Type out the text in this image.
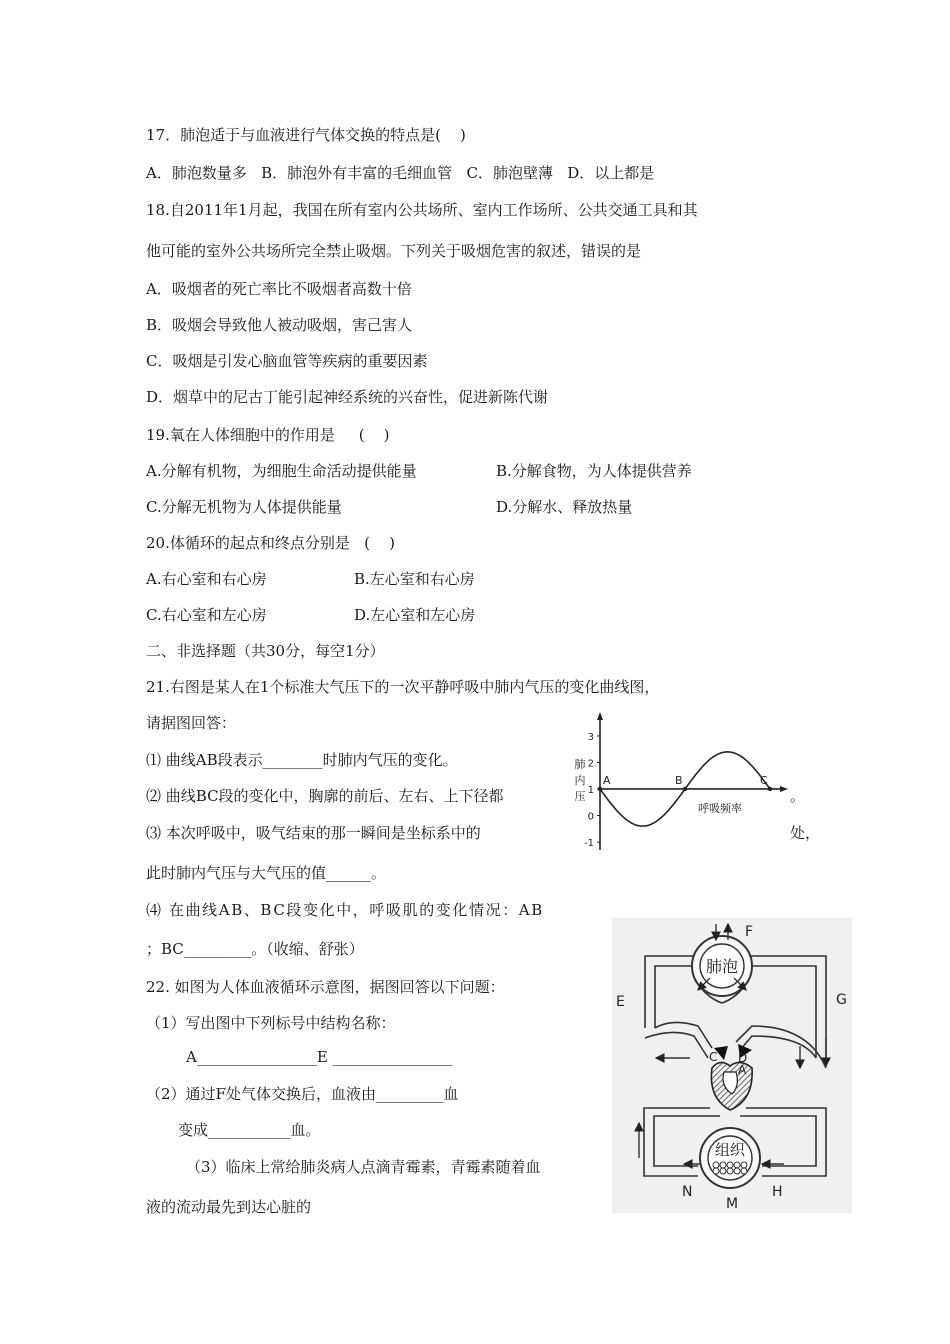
17．肺泡适于与血液进行气体交换的特点是(    )
A．肺泡数量多   B．肺泡外有丰富的毛细血管   C．肺泡壁薄   D．以上都是
18.自2011年1月起，我国在所有室内公共场所、室内工作场所、公共交通工具和其
他可能的室外公共场所完全禁止吸烟。下列关于吸烟危害的叙述，错误的是
A．吸烟者的死亡率比不吸烟者高数十倍
B．吸烟会导致他人被动吸烟，害己害人
C．吸烟是引发心脑血管等疾病的重要因素
D．烟草中的尼古丁能引起神经系统的兴奋性，促进新陈代谢
19.氧在人体细胞中的作用是     (    )
A.分解有机物，为细胞生命活动提供能量	B.分解食物，为人体提供营养
C.分解无机物为人体提供能量	D.分解水、释放热量
20.体循环的起点和终点分别是   (    )
A.右心室和右心房	B.左心室和右心房
C.右心室和左心房	D.左心室和左心房
二、非选择题（共30分，每空1分）
21.右图是某人在1个标准大气压下的一次平静呼吸中肺内气压的变化曲线图，
请据图回答：
⑴ 曲线AB段表示________时肺内气压的变化。
⑵ 曲线BC段的变化中，胸廓的前后、左右、上下径都	。
⑶ 本次呼吸中，吸气结束的那一瞬间是坐标系中的	处，
此时肺内气压与大气压的值______。
⑷ 在曲线AB、BC段变化中，呼吸肌的变化情况：AB
；BC_________。（收缩、舒张）
22. 如图为人体血液循环示意图，据图回答以下问题：
（1）写出图中下列标号中结构名称：
A________________E ________________
（2）通过F处气体交换后，血液由_________血
变成___________血。
（3）临床上常给肺炎病人点滴青霉素，青霉素随着血
液的流动最先到达心脏的
3
2
1
0
-1
肺
内
压
呼吸频率
A	B	C
肺泡
组织
F
E	G
C D
A
N	H
M
